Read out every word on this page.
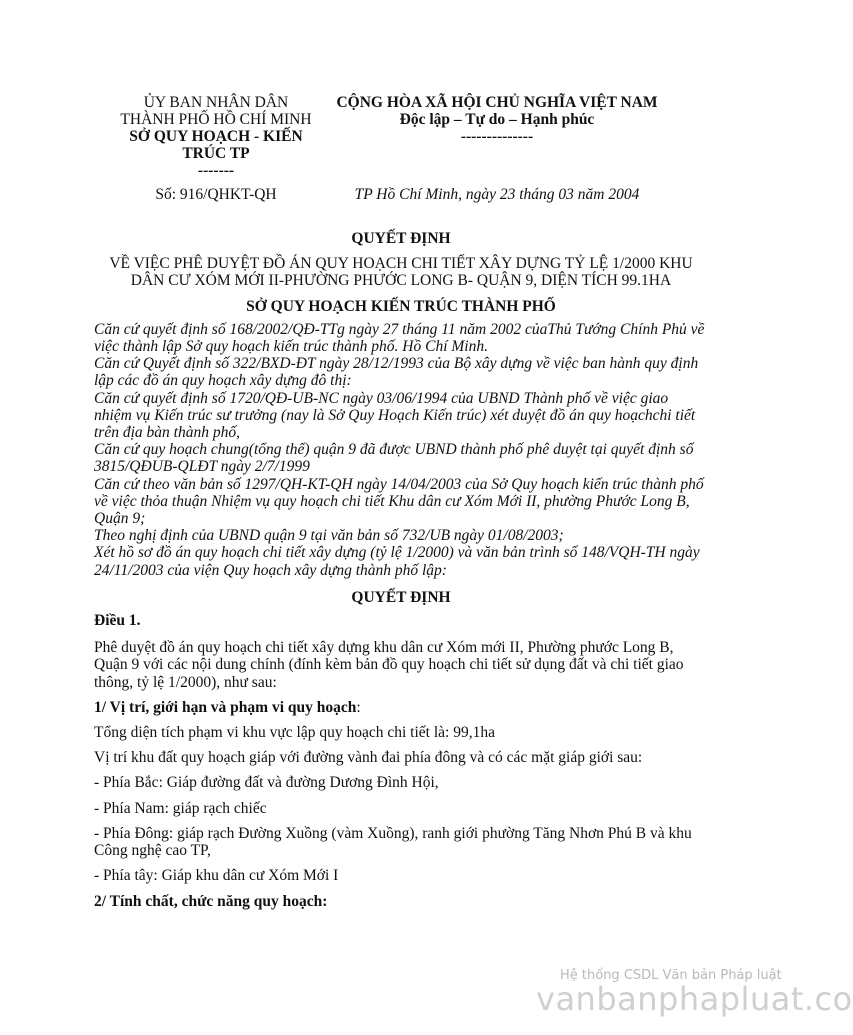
ỦY BAN NHÂN DÂN
THÀNH PHỐ HỒ CHÍ MINH
SỞ QUY HOẠCH - KIẾN
TRÚC TP
-------
CỘNG HÒA XÃ HỘI CHỦ NGHĨA VIỆT NAM
Độc lập – Tự do – Hạnh phúc
--------------
Số: 916/QHKT-QH	TP Hồ Chí Minh, ngày 23 tháng 03 năm 2004
QUYẾT ĐỊNH
VỀ VIỆC PHÊ DUYỆT ĐỒ ÁN QUY HOẠCH CHI TIẾT XÂY DỰNG TỶ LỆ 1/2000 KHU DÂN CƯ XÓM MỚI II-PHƯỜNG PHƯỚC LONG B- QUẬN 9, DIỆN TÍCH 99.1HA
SỞ QUY HOẠCH KIẾN TRÚC THÀNH PHỐ

Căn cứ quyết định số 168/2002/QĐ-TTg ngày 27 tháng 11 năm 2002 củaThủ Tướng Chính Phủ về việc thành lập Sở quy hoạch kiến trúc thành phố. Hồ Chí Minh.

Căn cứ Quyết định số 322/BXD-ĐT ngày 28/12/1993 của Bộ xây dựng về việc ban hành quy định lập các đồ án quy hoạch xây dựng đô thị:

Căn cứ quyết định số 1720/QĐ-UB-NC ngày 03/06/1994 của UBND Thành phố về việc giao nhiệm vụ Kiến trúc sư trưởng (nay là Sở Quy Hoạch Kiến trúc) xét duyệt đồ án quy hoạchchi tiết trên địa bàn thành phố,

Căn cứ quy hoạch chung(tổng thể) quận 9 đã được UBND thành phố phê duyệt tại quyết định số 3815/QĐUB-QLĐT ngày 2/7/1999

Căn cứ theo văn bản số 1297/QH-KT-QH ngày 14/04/2003 của Sở Quy hoạch kiến trúc thành phố về việc thỏa thuận Nhiệm vụ quy hoạch chi tiết Khu dân cư Xóm Mới II, phường Phước Long B, Quận 9;

Theo nghị định của UBND quận 9 tại văn bản số 732/UB ngày 01/08/2003;

Xét hồ sơ đồ án quy hoạch chi tiết xây dựng (tỷ lệ 1/2000) và văn bản trình số 148/VQH-TH ngày 24/11/2003 của viện Quy hoạch xây dựng thành phố lập:

QUYẾT ĐỊNH

Điều 1.

Phê duyệt đồ án quy hoạch chi tiết xây dựng khu dân cư Xóm mới II, Phường phước Long B, Quận 9 với các nội dung chính (đính kèm bản đồ quy hoạch chi tiết sử dụng đất và chi tiết giao thông, tỷ lệ 1/2000), như sau:

1/ Vị trí, giới hạn và phạm vi quy hoạch:

Tổng diện tích phạm vi khu vực lập quy hoạch chi tiết là: 99,1ha

Vị trí khu đất quy hoạch giáp với đường vành đai phía đông và có các mặt giáp giới sau:

- Phía Bắc: Giáp đường đất và đường Dương Đình Hội,

- Phía Nam: giáp rạch chiếc

- Phía Đông: giáp rạch Đường Xuồng (vàm Xuồng), ranh giới phường Tăng Nhơn Phú B và khu Công nghệ cao TP,

- Phía tây: Giáp khu dân cư Xóm Mới I

2/ Tính chất, chức năng quy hoạch:

Hệ thống CSDL Văn bản Pháp luật
vanbanphapluat.co
